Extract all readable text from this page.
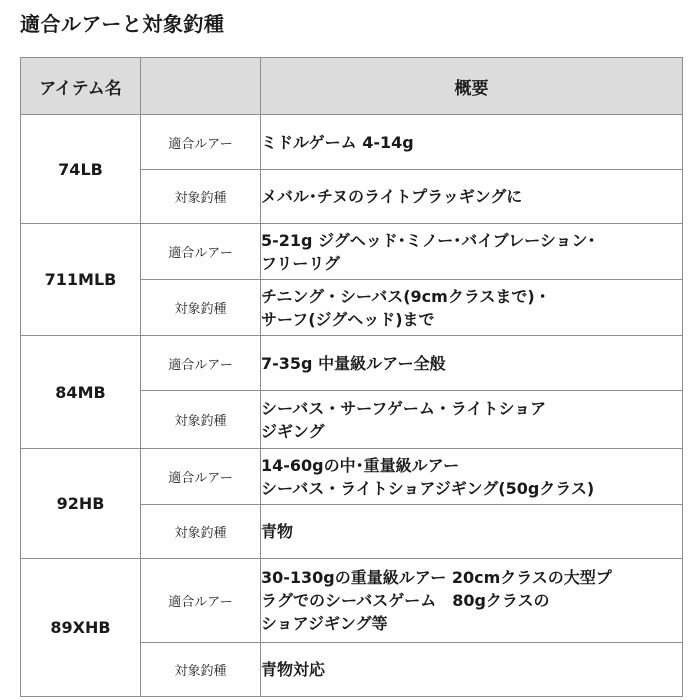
適合ルアーと対象釣種
アイテム名		概要
74LB	適合ルアー	ミドルゲーム 4-14g

	対象釣種	メバル･チヌのライトプラッギングに

711MLB	適合ルアー	5-21g ジグヘッド･ミノー･バイブレーション･
フリーリグ

	対象釣種	チニング・シーバス(9cmクラスまで)・
サーフ(ジグヘッド)まで

84MB	適合ルアー	7-35g 中量級ルアー全般

	対象釣種	シーバス・サーフゲーム・ライトショア
ジギング

92HB	適合ルアー	14-60gの中･重量級ルアー
シーバス・ライトショアジギング(50gクラス)

	対象釣種	青物

89XHB	適合ルアー	30-130gの重量級ルアー 20cmクラスの大型プ
ラグでのシーバスゲーム　80gクラスの
ショアジギング等

	対象釣種	青物対応
